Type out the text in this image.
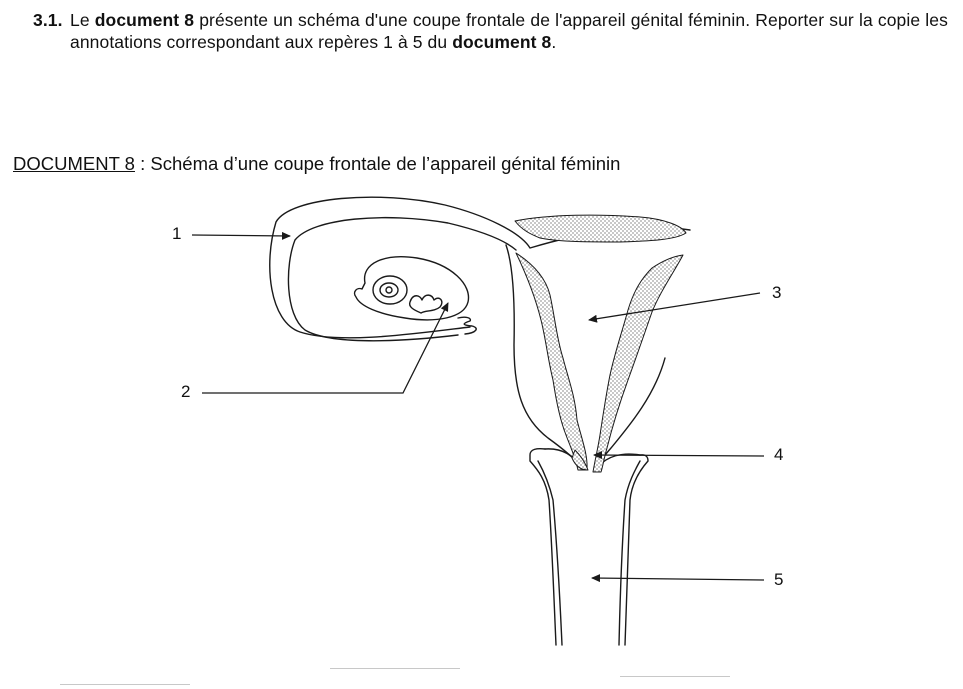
3.1. Le document 8 présente un schéma d'une coupe frontale de l'appareil génital féminin. Reporter sur la copie les annotations correspondant aux repères 1 à 5 du document 8.
DOCUMENT 8 : Schéma d’une coupe frontale de l’appareil génital féminin
1
2
3
4
5
